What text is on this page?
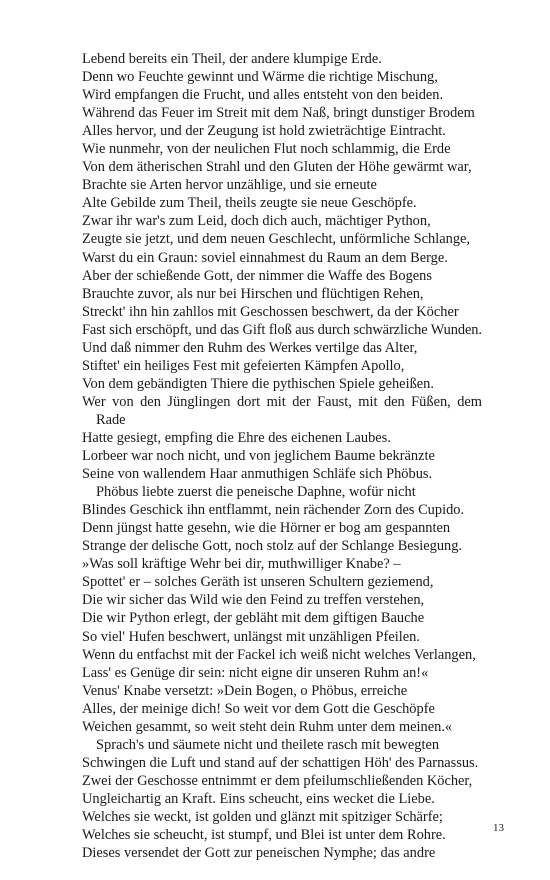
Lebend bereits ein Theil, der andere klumpige Erde.
Denn wo Feuchte gewinnt und Wärme die richtige Mischung,
Wird empfangen die Frucht, und alles entsteht von den beiden.
Während das Feuer im Streit mit dem Naß, bringt dunstiger Brodem
Alles hervor, und der Zeugung ist hold zwieträchtige Eintracht.
Wie nunmehr, von der neulichen Flut noch schlammig, die Erde
Von dem ätherischen Strahl und den Gluten der Höhe gewärmt war,
Brachte sie Arten hervor unzählige, und sie erneute
Alte Gebilde zum Theil, theils zeugte sie neue Geschöpfe.
Zwar ihr war's zum Leid, doch dich auch, mächtiger Python,
Zeugte sie jetzt, und dem neuen Geschlecht, unförmliche Schlange,
Warst du ein Graun: soviel einnahmest du Raum an dem Berge.
Aber der schießende Gott, der nimmer die Waffe des Bogens
Brauchte zuvor, als nur bei Hirschen und flüchtigen Rehen,
Streckt' ihn hin zahllos mit Geschossen beschwert, da der Köcher
Fast sich erschöpft, und das Gift floß aus durch schwärzliche Wunden.
Und daß nimmer den Ruhm des Werkes vertilge das Alter,
Stiftet' ein heiliges Fest mit gefeierten Kämpfen Apollo,
Von dem gebändigten Thiere die pythischen Spiele geheißen.
Wer von den Jünglingen dort mit der Faust, mit den Füßen, dem
Rade
Hatte gesiegt, empfing die Ehre des eichenen Laubes.
Lorbeer war noch nicht, und von jeglichem Baume bekränzte
Seine von wallendem Haar anmuthigen Schläfe sich Phöbus.
Phöbus liebte zuerst die peneische Daphne, wofür nicht
Blindes Geschick ihn entflammt, nein rächender Zorn des Cupido.
Denn jüngst hatte gesehn, wie die Hörner er bog am gespannten
Strange der delische Gott, noch stolz auf der Schlange Besiegung.
»Was soll kräftige Wehr bei dir, muthwilliger Knabe? –
Spottet' er – solches Geräth ist unseren Schultern geziemend,
Die wir sicher das Wild wie den Feind zu treffen verstehen,
Die wir Python erlegt, der gebläht mit dem giftigen Bauche
So viel' Hufen beschwert, unlängst mit unzähligen Pfeilen.
Wenn du entfachst mit der Fackel ich weiß nicht welches Verlangen,
Lass' es Genüge dir sein: nicht eigne dir unseren Ruhm an!«
Venus' Knabe versetzt: »Dein Bogen, o Phöbus, erreiche
Alles, der meinige dich! So weit vor dem Gott die Geschöpfe
Weichen gesammt, so weit steht dein Ruhm unter dem meinen.«
Sprach's und säumete nicht und theilete rasch mit bewegten
Schwingen die Luft und stand auf der schattigen Höh' des Parnassus.
Zwei der Geschosse entnimmt er dem pfeilumschließenden Köcher,
Ungleichartig an Kraft. Eins scheucht, eins wecket die Liebe.
Welches sie weckt, ist golden und glänzt mit spitziger Schärfe;
Welches sie scheucht, ist stumpf, und Blei ist unter dem Rohre.
Dieses versendet der Gott zur peneischen Nymphe; das andre
13
